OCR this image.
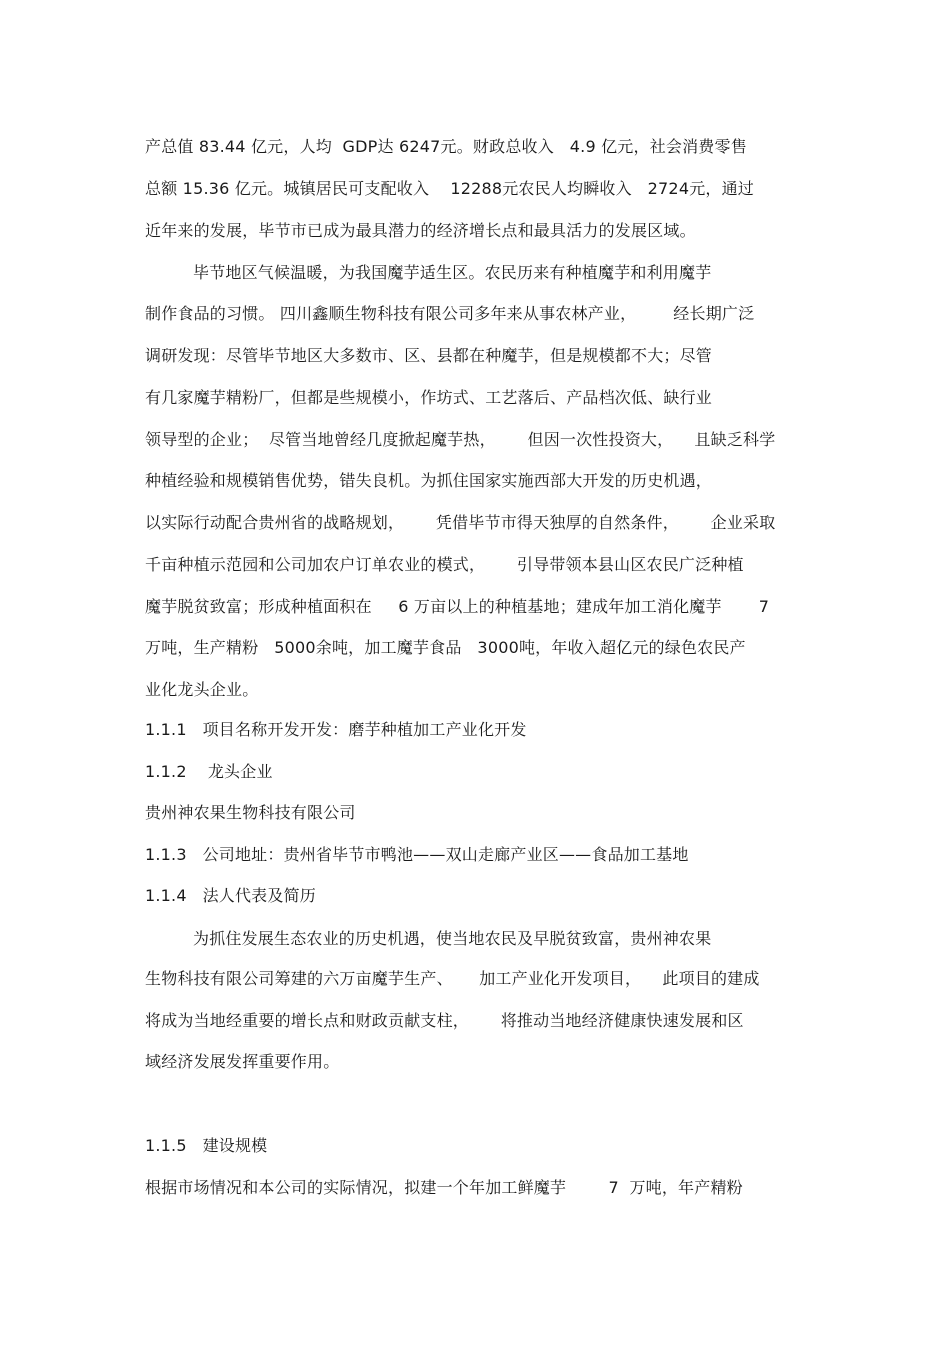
产总值 83.44 亿元，人均  GDP达 6247元。财政总收入   4.9 亿元，社会消费零售
总额 15.36 亿元。城镇居民可支配收入    12288元农民人均瞬收入   2724元，通过
近年来的发展，毕节市已成为最具潜力的经济增长点和最具活力的发展区域。
毕节地区气候温暖，为我国魔芋适生区。农民历来有种植魔芋和利用魔芋
制作食品的习惯。 四川鑫顺生物科技有限公司多年来从事农林产业，       经长期广泛
调研发现：尽管毕节地区大多数市、区、县都在种魔芋，但是规模都不大；尽管
有几家魔芋精粉厂，但都是些规模小，作坊式、工艺落后、产品档次低、缺行业
领导型的企业；  尽管当地曾经几度掀起魔芋热，      但因一次性投资大，    且缺乏科学
种植经验和规模销售优势，错失良机。为抓住国家实施西部大开发的历史机遇，
以实际行动配合贵州省的战略规划，      凭借毕节市得天独厚的自然条件，      企业采取
千亩种植示范园和公司加农户订单农业的模式，      引导带领本县山区农民广泛种植
魔芋脱贫致富；形成种植面积在     6 万亩以上的种植基地；建成年加工消化魔芋       7
万吨，生产精粉   5000余吨，加工魔芋食品   3000吨，年收入超亿元的绿色农民产
业化龙头企业。
1.1.1   项目名称开发开发：磨芋种植加工产业化开发
1.1.2    龙头企业
贵州神农果生物科技有限公司
1.1.3   公司地址：贵州省毕节市鸭池——双山走廊产业区——食品加工基地
1.1.4   法人代表及简历
为抓住发展生态农业的历史机遇，使当地农民及早脱贫致富，贵州神农果
生物科技有限公司筹建的六万亩魔芋生产、     加工产业化开发项目，    此项目的建成
将成为当地经重要的增长点和财政贡献支柱，      将推动当地经济健康快速发展和区
域经济发展发挥重要作用。
1.1.5   建设规模
根据市场情况和本公司的实际情况，拟建一个年加工鲜魔芋        7  万吨，年产精粉
